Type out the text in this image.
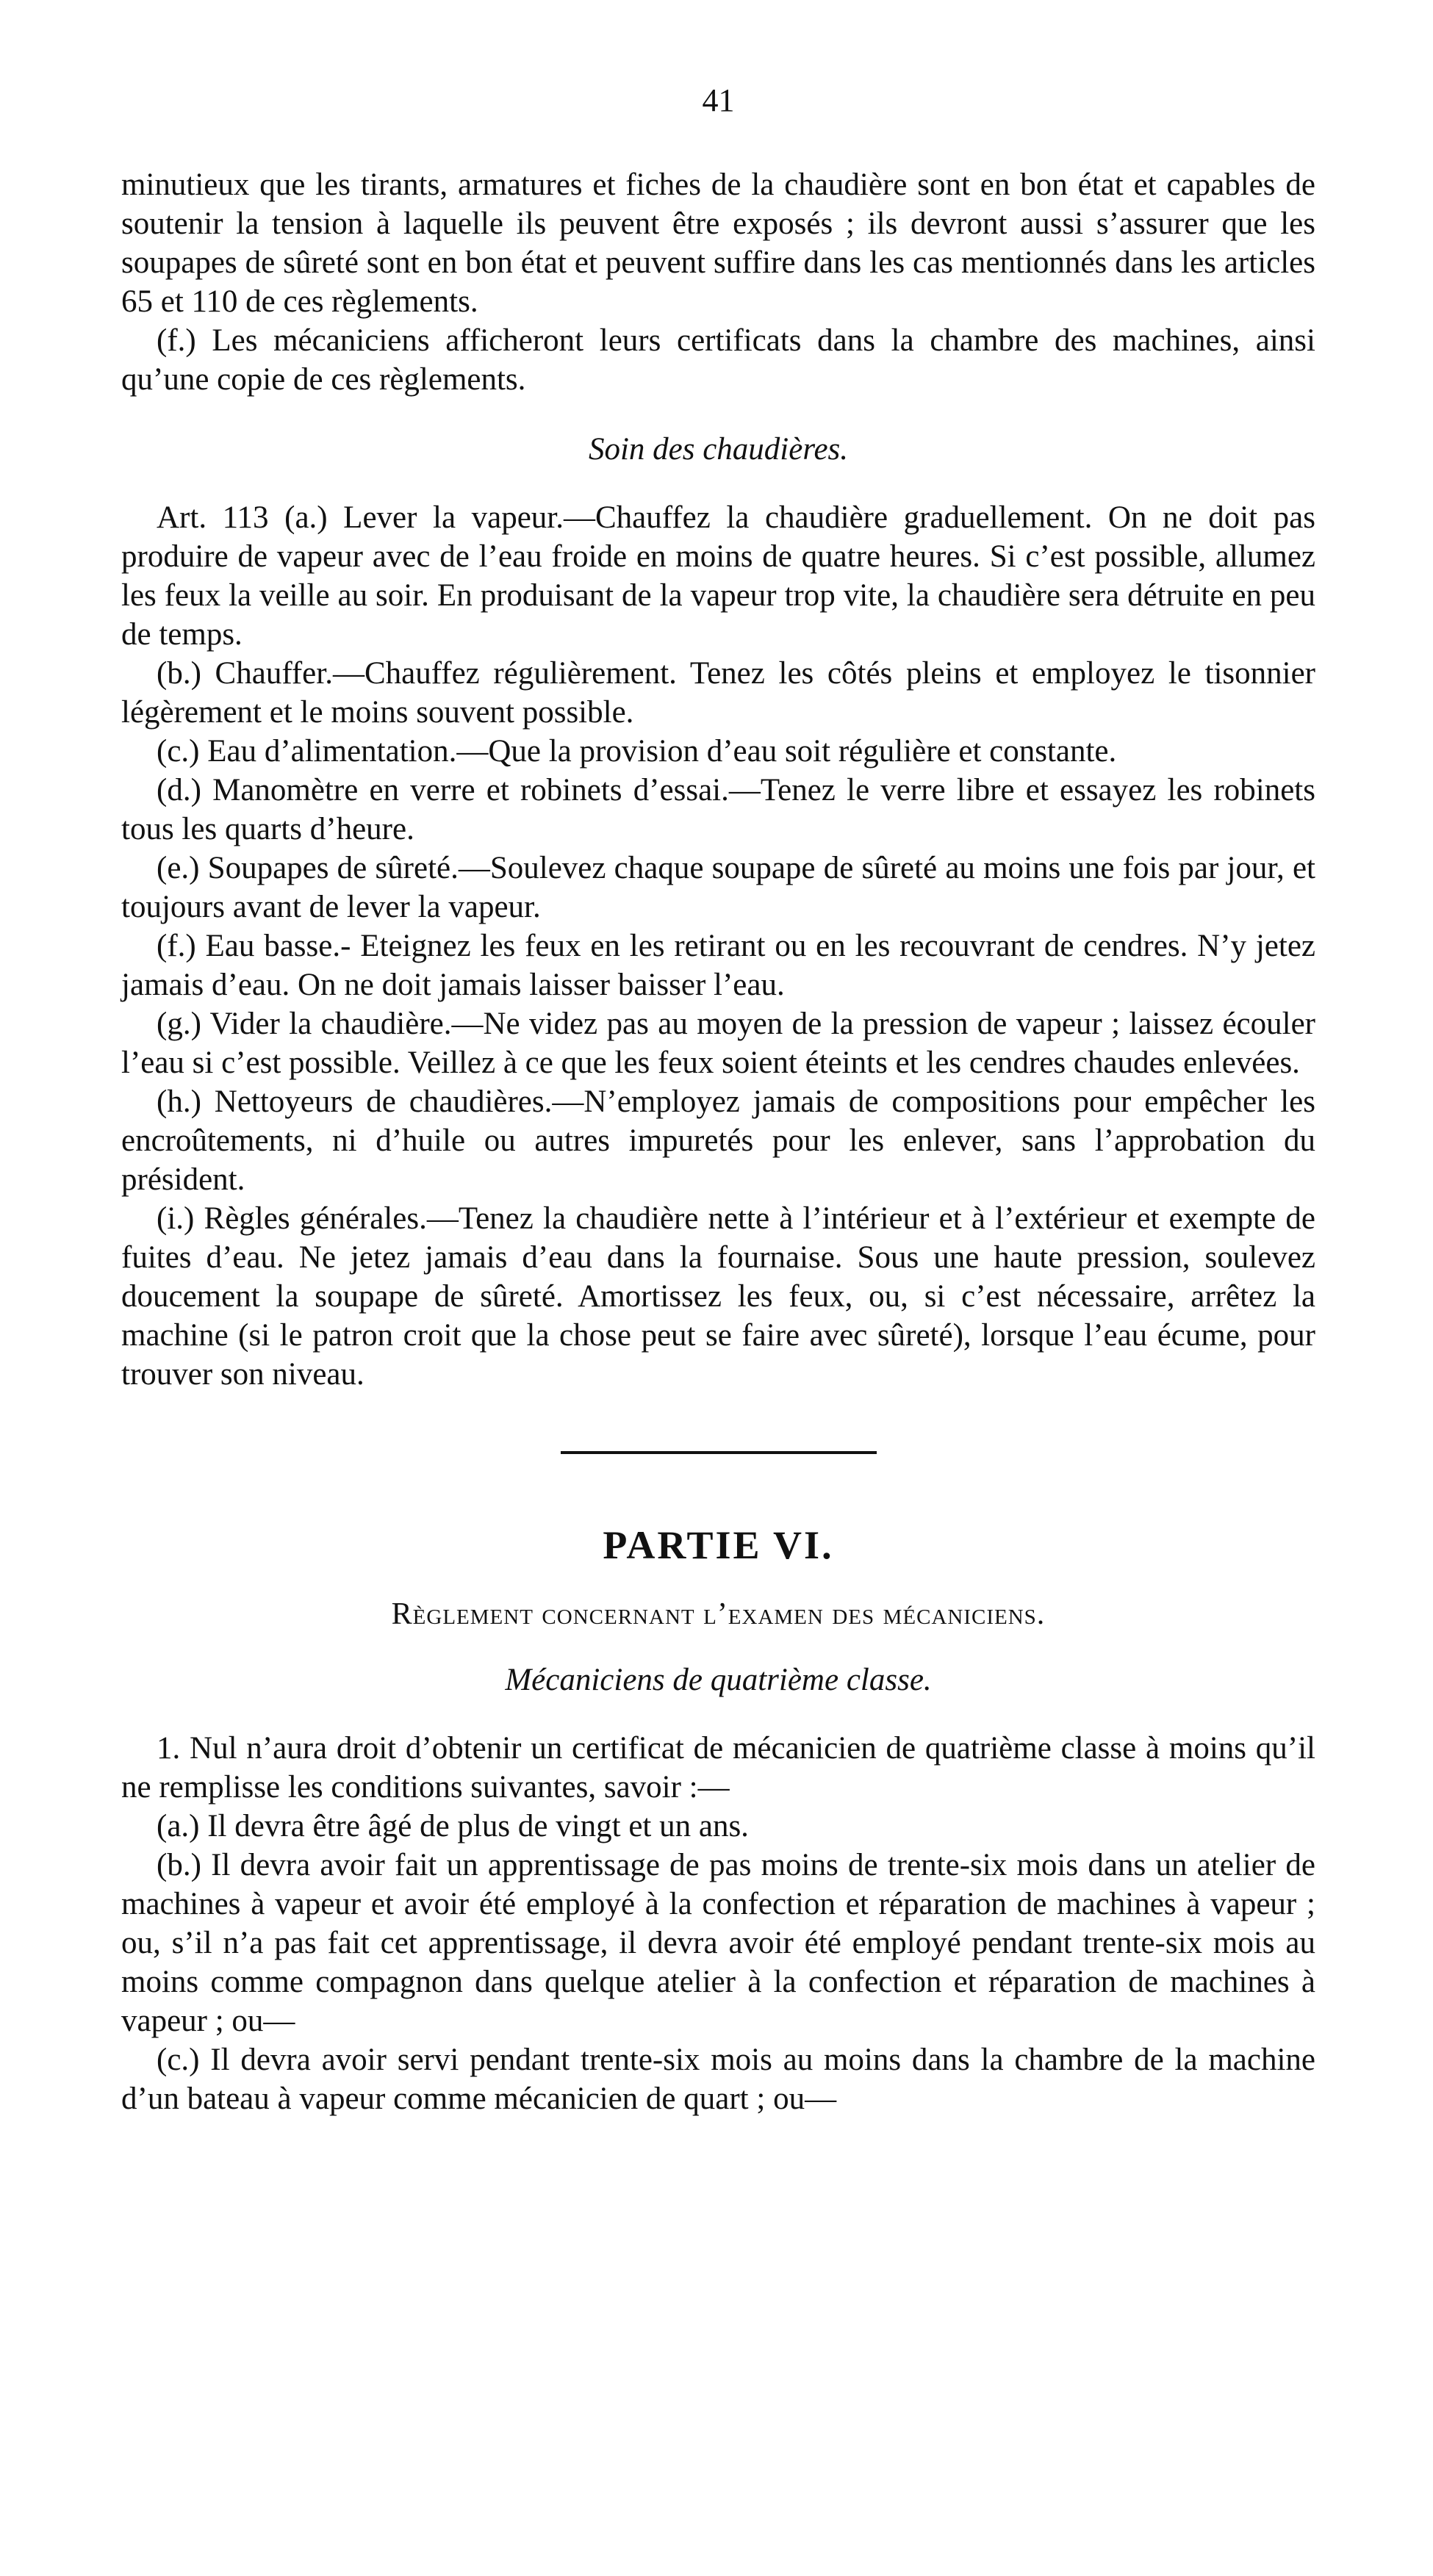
41

minutieux que les tirants, armatures et fiches de la chaudière sont en bon état et capables de soutenir la tension à laquelle ils peuvent être exposés ; ils devront aussi s’assurer que les soupapes de sûreté sont en bon état et peuvent suffire dans les cas mentionnés dans les articles 65 et 110 de ces règlements.

(f.) Les mécaniciens afficheront leurs certificats dans la chambre des machines, ainsi qu’une copie de ces règlements.

Soin des chaudières.

Art. 113 (a.) Lever la vapeur.—Chauffez la chaudière graduellement. On ne doit pas produire de vapeur avec de l’eau froide en moins de quatre heures. Si c’est possible, allumez les feux la veille au soir. En produisant de la vapeur trop vite, la chaudière sera détruite en peu de temps.

(b.) Chauffer.—Chauffez régulièrement. Tenez les côtés pleins et employez le tisonnier légèrement et le moins souvent possible.

(c.) Eau d’alimentation.—Que la provision d’eau soit régulière et constante.

(d.) Manomètre en verre et robinets d’essai.—Tenez le verre libre et essayez les robinets tous les quarts d’heure.

(e.) Soupapes de sûreté.—Soulevez chaque soupape de sûreté au moins une fois par jour, et toujours avant de lever la vapeur.

(f.) Eau basse.- Eteignez les feux en les retirant ou en les recouvrant de cendres. N’y jetez jamais d’eau. On ne doit jamais laisser baisser l’eau.

(g.) Vider la chaudière.—Ne videz pas au moyen de la pression de vapeur ; laissez écouler l’eau si c’est possible. Veillez à ce que les feux soient éteints et les cendres chaudes enlevées.

(h.) Nettoyeurs de chaudières.—N’employez jamais de compositions pour empêcher les encroûtements, ni d’huile ou autres impuretés pour les enlever, sans l’approbation du président.

(i.) Règles générales.—Tenez la chaudière nette à l’intérieur et à l’extérieur et exempte de fuites d’eau. Ne jetez jamais d’eau dans la fournaise. Sous une haute pression, soulevez doucement la soupape de sûreté. Amortissez les feux, ou, si c’est nécessaire, arrêtez la machine (si le patron croit que la chose peut se faire avec sûreté), lorsque l’eau écume, pour trouver son niveau.

PARTIE VI.
Règlement concernant l’examen des mécaniciens.
Mécaniciens de quatrième classe.

1. Nul n’aura droit d’obtenir un certificat de mécanicien de quatrième classe à moins qu’il ne remplisse les conditions suivantes, savoir :—

(a.) Il devra être âgé de plus de vingt et un ans.

(b.) Il devra avoir fait un apprentissage de pas moins de trente-six mois dans un atelier de machines à vapeur et avoir été employé à la confection et réparation de machines à vapeur ; ou, s’il n’a pas fait cet apprentissage, il devra avoir été employé pendant trente-six mois au moins comme compagnon dans quelque atelier à la confection et réparation de machines à vapeur ; ou—

(c.) Il devra avoir servi pendant trente-six mois au moins dans la chambre de la machine d’un bateau à vapeur comme mécanicien de quart ; ou—
